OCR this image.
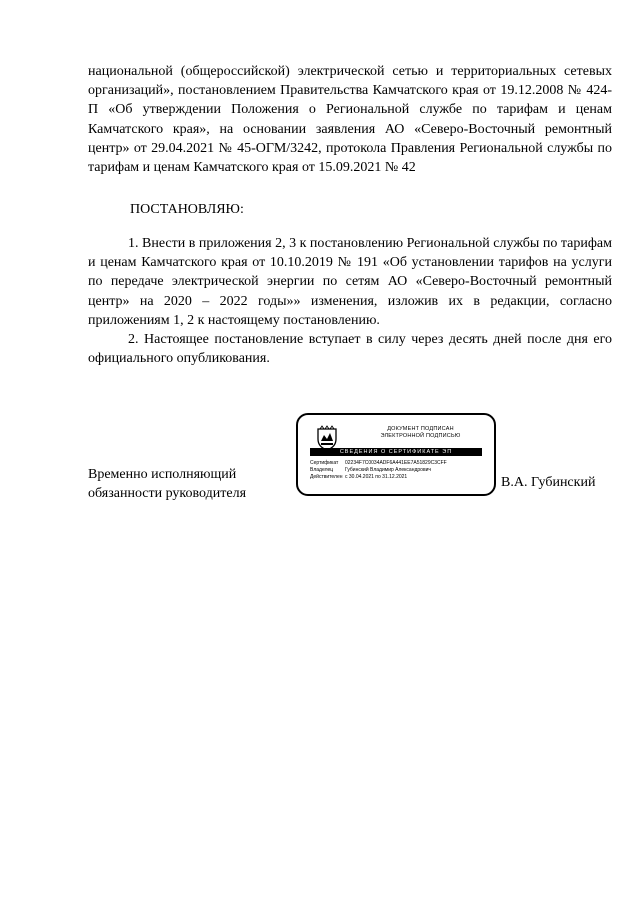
национальной (общероссийской) электрической сетью и территориальных сетевых организаций», постановлением Правительства Камчатского края от 19.12.2008 № 424-П «Об утверждении Положения о Региональной службе по тарифам и ценам Камчатского края», на основании заявления АО «Северо-Восточный ремонтный центр» от 29.04.2021 № 45-ОГМ/3242, протокола Правления Региональной службы по тарифам и ценам Камчатского края от 15.09.2021 № 42

ПОСТАНОВЛЯЮ:

1. Внести в приложения 2, 3 к постановлению Региональной службы по тарифам и ценам Камчатского края от 10.10.2019 № 191 «Об установлении тарифов на услуги по передаче электрической энергии по сетям АО «Северо-Восточный ремонтный центр» на 2020 – 2022 годы»» изменения, изложив их в редакции, согласно приложениям 1, 2 к настоящему постановлению.

2. Настоящее постановление вступает в силу через десять дней после дня его официального опубликования.

Временно исполняющий
обязанности руководителя
ДОКУМЕНТ ПОДПИСАН
ЭЛЕКТРОННОЙ ПОДПИСЬЮ
СВЕДЕНИЯ О СЕРТИФИКАТЕ ЭП
Сертификат	02234F7C0034ADF6A441EE7A51829C3CFF
Владелец	Губинский Владимир Александрович
Действителен с 30.04.2021 по 31.12.2021	В.А. Губинский
